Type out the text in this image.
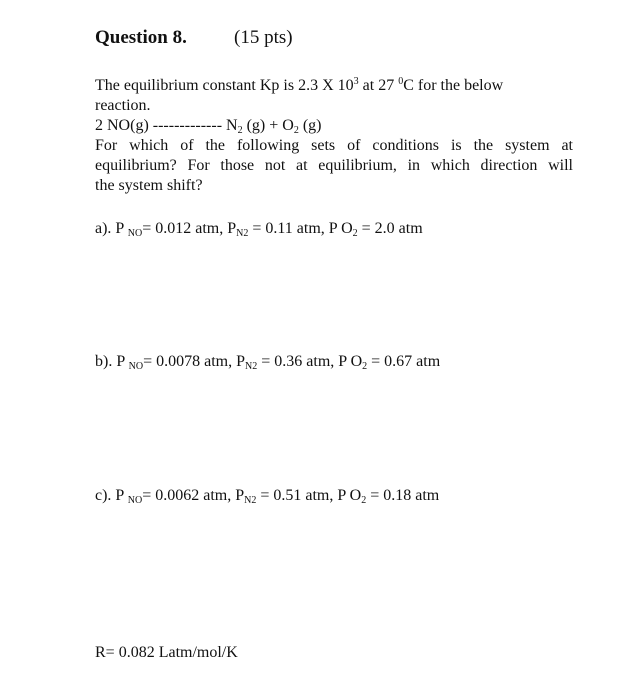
Question 8. (15 pts)
The equilibrium constant Kp is 2.3 X $10^3$ at 27 $^0$C for the below
reaction.
2 NO(g) ------------- $N_2$ $(g) + O_2$ (g)
For which of the following sets of conditions is the system at
equilibrium? For those not at equilibrium, in which direction will
the system shift?
a). P $_{NO}$= 0.012 atm, $P_{N2} = 0.11$ atm, P $O_2 = 2.0$ atm
b). P $_{NO}$= 0.0078 atm, $P_{N2} = 0.36$ atm, P $O_2 = 0.67$ atm
c). P $_{NO}$= 0.0062 atm, $P_{N2} = 0.51$ atm, P $O_2 = 0.18$ atm
R= 0.082 Latm/mol/K
